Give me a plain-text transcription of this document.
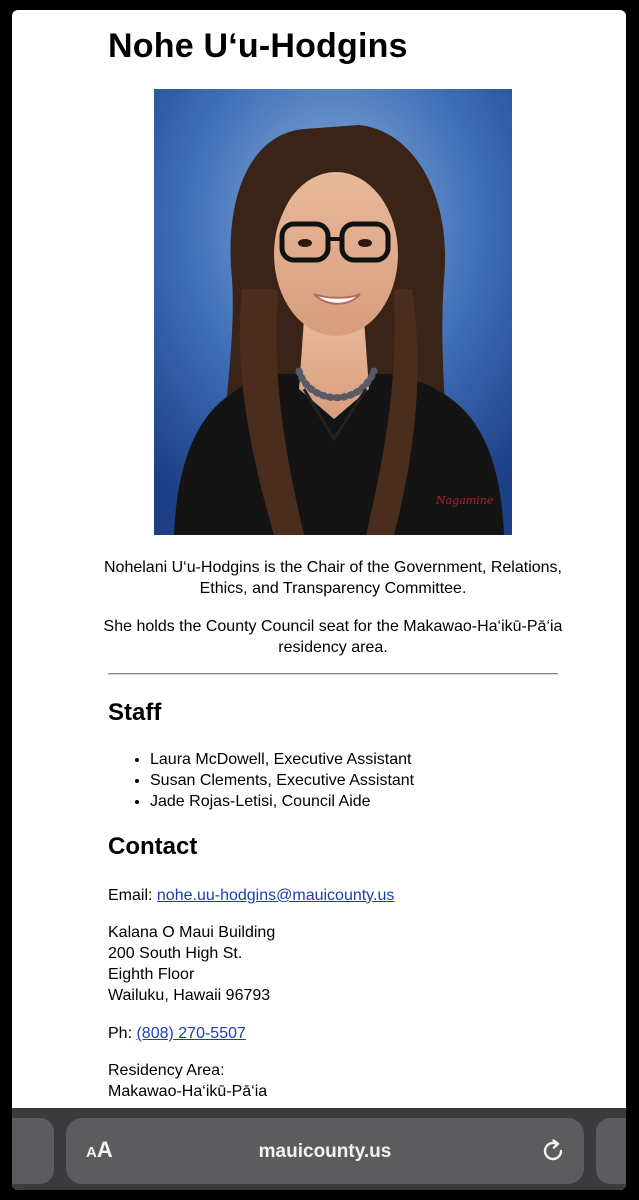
Nohe U‘u-Hodgins
Nagamine

Nohelani U‘u-Hodgins is the Chair of the Government, Relations, Ethics, and Transparency Committee.

She holds the County Council seat for the Makawao-Ha‘ikū-Pā‘ia residency area.

Staff
• Laura McDowell, Executive Assistant
• Susan Clements, Executive Assistant
• Jade Rojas-Letisi, Council Aide
Contact

Email: nohe.uu-hodgins@mauicounty.us

Kalana O Maui Building

200 South High St.

Eighth Floor

Wailuku, Hawaii 96793

Ph: (808) 270-5507

Residency Area:

Makawao-Ha‘ikū-Pā‘ia

AA	mauicounty.us
